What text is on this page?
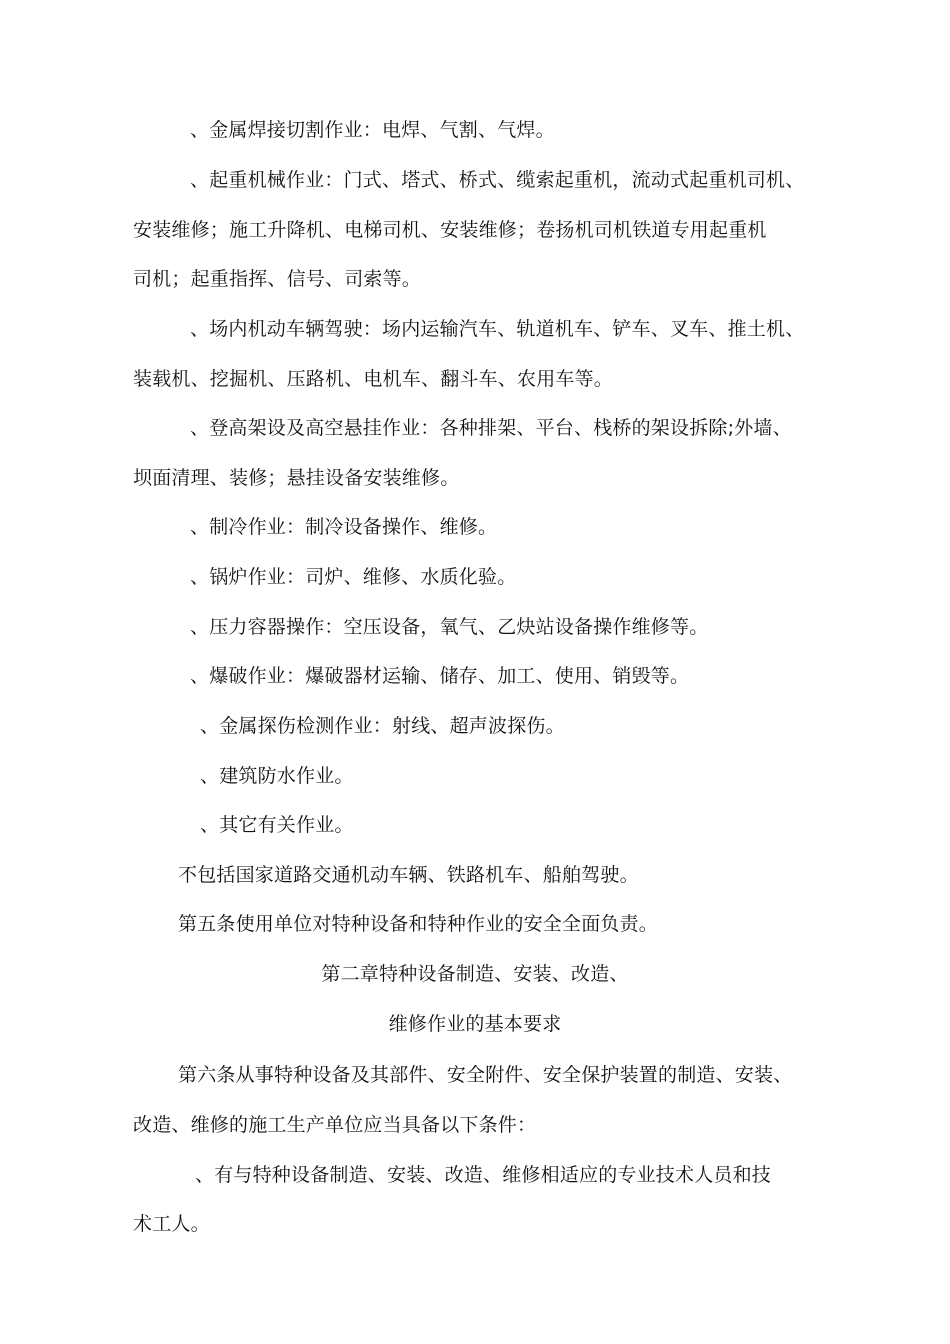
、金属焊接切割作业：电焊、气割、气焊。
、起重机械作业：门式、塔式、桥式、缆索起重机，流动式起重机司机、
安装维修；施工升降机、电梯司机、安装维修；卷扬机司机铁道专用起重机
司机；起重指挥、信号、司索等。
、场内机动车辆驾驶：场内运输汽车、轨道机车、铲车、叉车、推土机、
装载机、挖掘机、压路机、电机车、翻斗车、农用车等。
、登高架设及高空悬挂作业：各种排架、平台、栈桥的架设拆除;外墙、
坝面清理、装修；悬挂设备安装维修。
、制冷作业：制冷设备操作、维修。
、锅炉作业：司炉、维修、水质化验。
、压力容器操作：空压设备，氧气、乙炔站设备操作维修等。
、爆破作业：爆破器材运输、储存、加工、使用、销毁等。
、金属探伤检测作业：射线、超声波探伤。
、建筑防水作业。
、其它有关作业。
不包括国家道路交通机动车辆、铁路机车、船舶驾驶。
第五条使用单位对特种设备和特种作业的安全全面负责。
第二章特种设备制造、安装、改造、
维修作业的基本要求
第六条从事特种设备及其部件、安全附件、安全保护装置的制造、安装、
改造、维修的施工生产单位应当具备以下条件：
、有与特种设备制造、安装、改造、维修相适应的专业技术人员和技
术工人。
